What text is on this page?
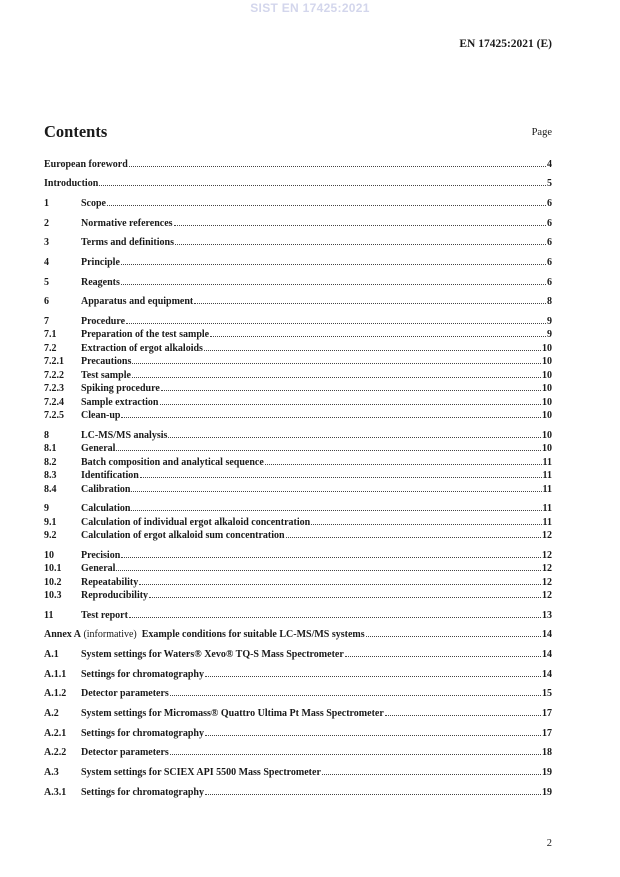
SIST EN 17425:2021
EN 17425:2021 (E)
Contents	Page
European foreword	4
Introduction	5
1	Scope	6
2	Normative references	6
3	Terms and definitions	6
4	Principle	6
5	Reagents	6
6	Apparatus and equipment	8
7	Procedure	9
7.1 Preparation of the test sample	9
7.2 Extraction of ergot alkaloids	10
7.2.1 Precautions	10
7.2.2 Test sample	10
7.2.3 Spiking procedure	10
7.2.4 Sample extraction	10
7.2.5 Clean-up	10
8	LC-MS/MS analysis	10
8.1 General	10
8.2 Batch composition and analytical sequence	11
8.3 Identification	11
8.4 Calibration	11
9	Calculation	11
9.1 Calculation of individual ergot alkaloid concentration	11
9.2 Calculation of ergot alkaloid sum concentration	12
10	Precision	12
10.1 General	12
10.2 Repeatability	12
10.3 Reproducibility	12
11	Test report	13
Annex A (informative)  Example conditions for suitable LC-MS/MS systems	14
A.1 System settings for Waters® Xevo® TQ-S Mass Spectrometer	14
A.1.1 Settings for chromatography	14
A.1.2 Detector parameters	15
A.2 System settings for Micromass® Quattro Ultima Pt Mass Spectrometer	17
A.2.1 Settings for chromatography	17
A.2.2 Detector parameters	18
A.3 System settings for SCIEX API 5500 Mass Spectrometer	19
A.3.1 Settings for chromatography	19
2
